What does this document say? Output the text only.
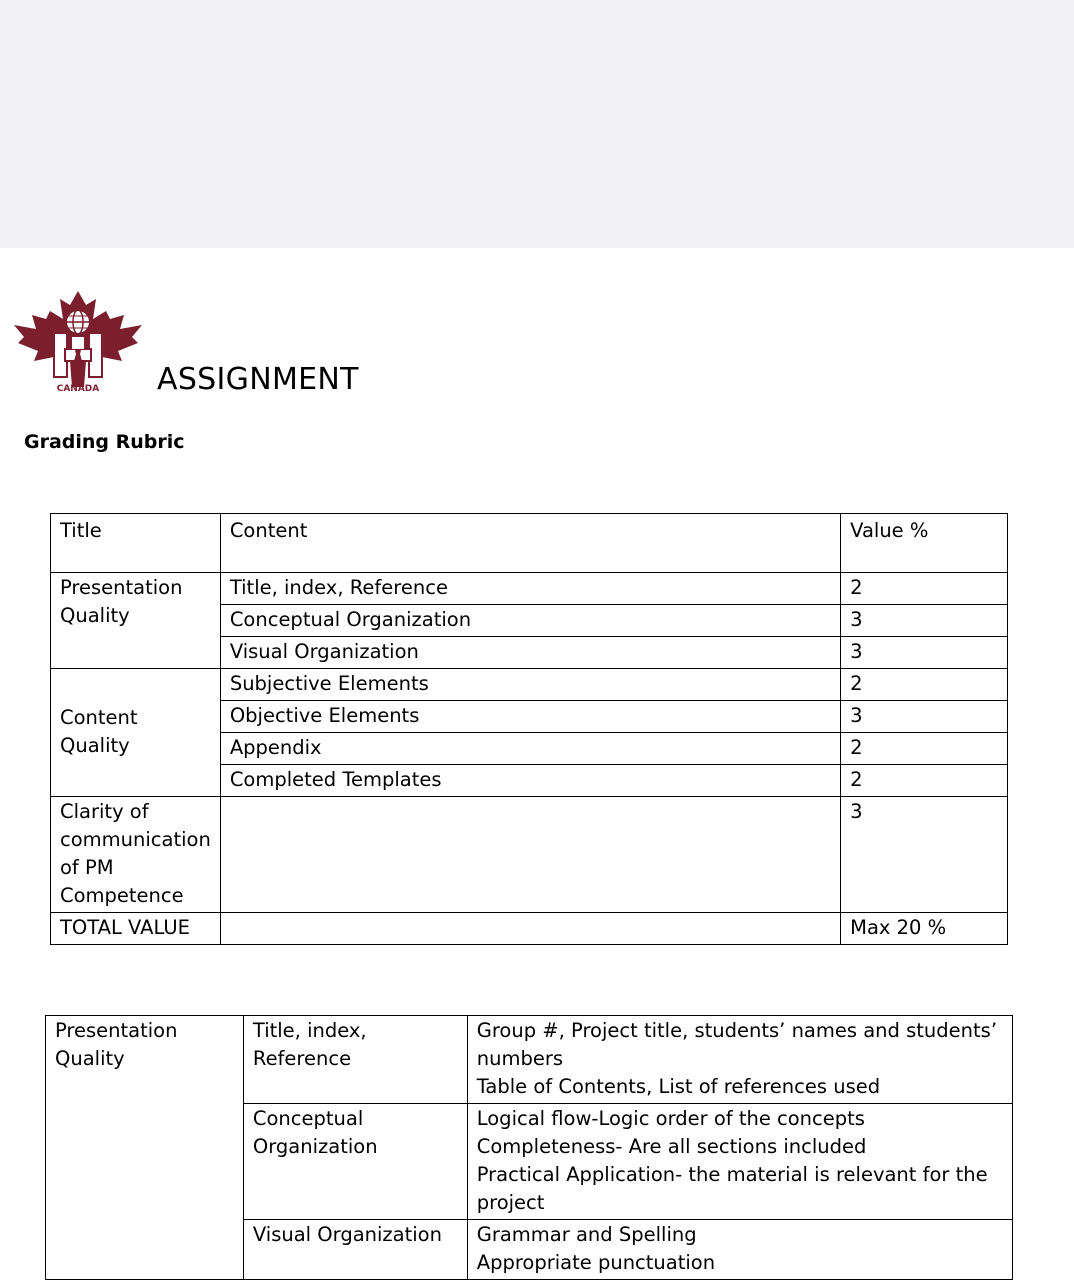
CANADA ASSIGNMENT
Grading Rubric
Title	Content	Value %
Presentation Quality	Title, index, Reference	2
	Conceptual Organization	3
	Visual Organization	3
Content Quality	Subjective Elements	2
	Objective Elements	3
	Appendix	2
	Completed Templates	2
Clarity of communication of PM Competence		3
TOTAL VALUE		Max 20 %
Presentation Quality	Title, index, Reference	Group #, Project title, students’ names and students’ numbers
Table of Contents, List of references used

	Conceptual Organization	Logical flow-Logic order of the concepts
Completeness- Are all sections included
Practical Application- the material is relevant for the project

	Visual Organization	Grammar and Spelling
Appropriate punctuation
